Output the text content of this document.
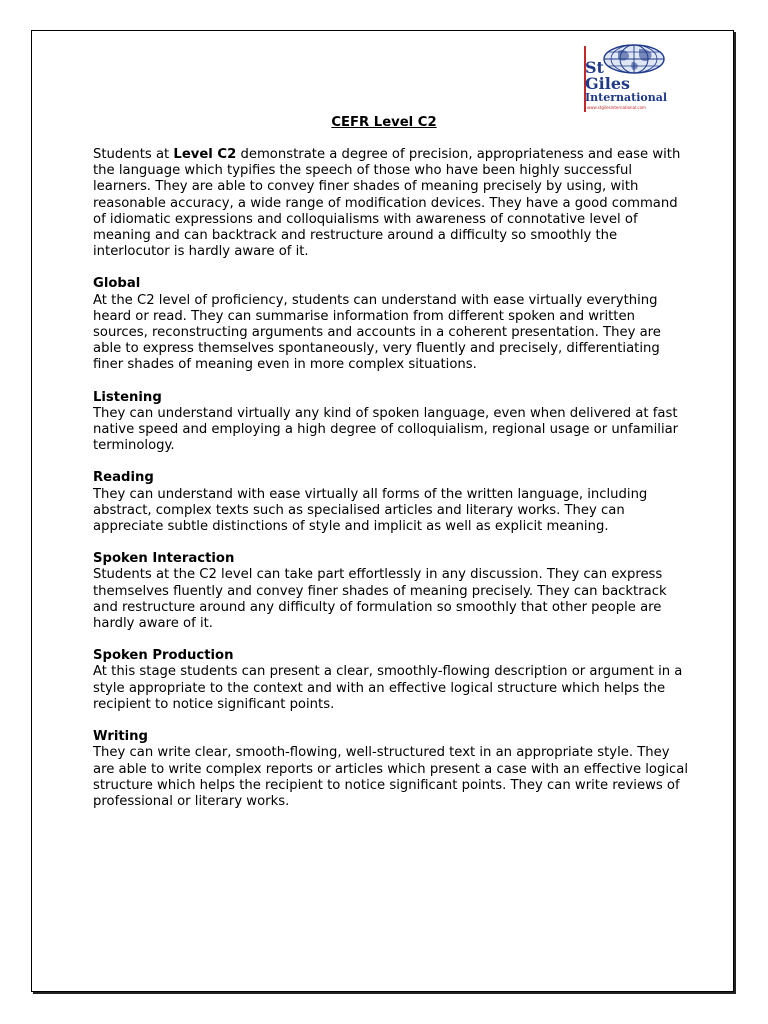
St
Giles
International
www.stgilesinternational.com
CEFR Level C2

Students at Level C2 demonstrate a degree of precision, appropriateness and ease with the language which typifies the speech of those who have been highly successful learners. They are able to convey finer shades of meaning precisely by using, with reasonable accuracy, a wide range of modification devices. They have a good command of idiomatic expressions and colloquialisms with awareness of connotative level of meaning and can backtrack and restructure around a difficulty so smoothly the interlocutor is hardly aware of it.

Global

At the C2 level of proficiency, students can understand with ease virtually everything heard or read. They can summarise information from different spoken and written sources, reconstructing arguments and accounts in a coherent presentation. They are able to express themselves spontaneously, very fluently and precisely, differentiating finer shades of meaning even in more complex situations.

Listening

They can understand virtually any kind of spoken language, even when delivered at fast native speed and employing a high degree of colloquialism, regional usage or unfamiliar terminology.

Reading

They can understand with ease virtually all forms of the written language, including abstract, complex texts such as specialised articles and literary works. They can appreciate subtle distinctions of style and implicit as well as explicit meaning.

Spoken Interaction

Students at the C2 level can take part effortlessly in any discussion. They can express themselves fluently and convey finer shades of meaning precisely. They can backtrack and restructure around any difficulty of formulation so smoothly that other people are hardly aware of it.

Spoken Production

At this stage students can present a clear, smoothly-flowing description or argument in a style appropriate to the context and with an effective logical structure which helps the recipient to notice significant points.

Writing

They can write clear, smooth-flowing, well-structured text in an appropriate style. They are able to write complex reports or articles which present a case with an effective logical structure which helps the recipient to notice significant points. They can write reviews of professional or literary works.
